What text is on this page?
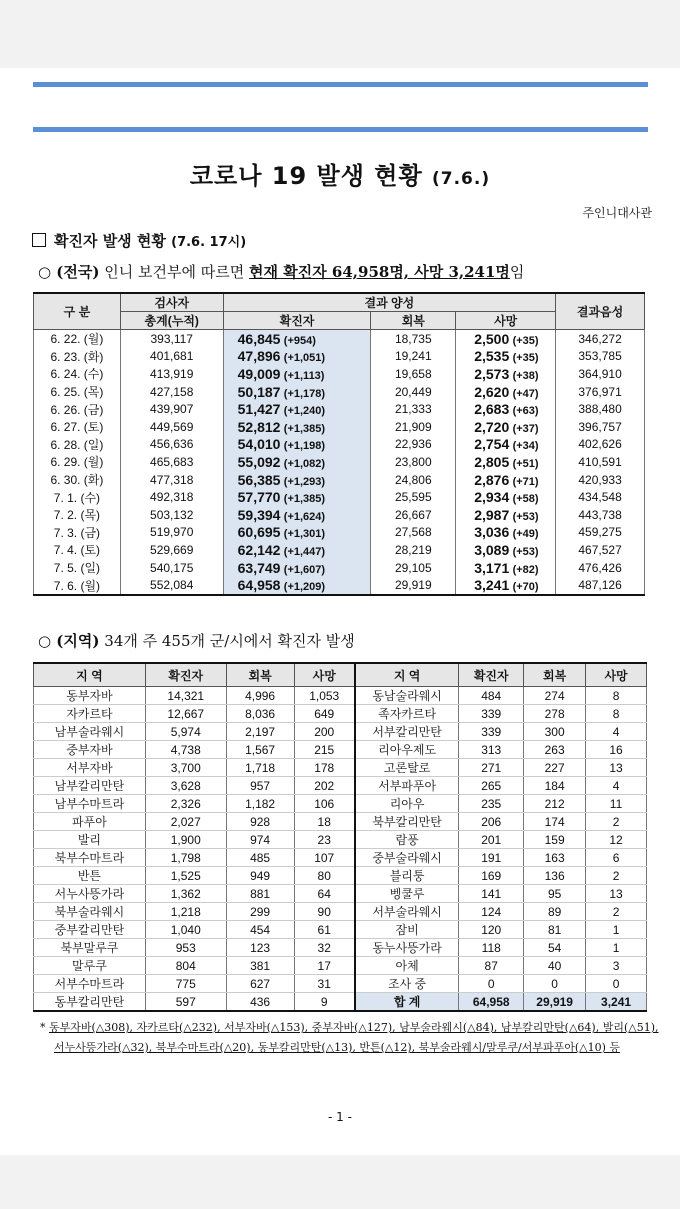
코로나 19 발생 현황 (7.6.)
주인니대사관
확진자 발생 현황 (7.6. 17시)
○ (전국) 인니 보건부에 따르면 현재 확진자 64,958명, 사망 3,241명임
구 분	검사자	결과 양성			결과음성
	총계(누적)	확진자	회복	사망	
6. 22. (월)	393,117	46,845 (+954)	18,735	2,500 (+35)	346,272
6. 23. (화)	401,681	47,896 (+1,051)	19,241	2,535 (+35)	353,785
6. 24. (수)	413,919	49,009 (+1,113)	19,658	2,573 (+38)	364,910
6. 25. (목)	427,158	50,187 (+1,178)	20,449	2,620 (+47)	376,971
6. 26. (금)	439,907	51,427 (+1,240)	21,333	2,683 (+63)	388,480
6. 27. (토)	449,569	52,812 (+1,385)	21,909	2,720 (+37)	396,757
6. 28. (일)	456,636	54,010 (+1,198)	22,936	2,754 (+34)	402,626
6. 29. (월)	465,683	55,092 (+1,082)	23,800	2,805 (+51)	410,591
6. 30. (화)	477,318	56,385 (+1,293)	24,806	2,876 (+71)	420,933
7. 1. (수)	492,318	57,770 (+1,385)	25,595	2,934 (+58)	434,548
7. 2. (목)	503,132	59,394 (+1,624)	26,667	2,987 (+53)	443,738
7. 3. (금)	519,970	60,695 (+1,301)	27,568	3,036 (+49)	459,275
7. 4. (토)	529,669	62,142 (+1,447)	28,219	3,089 (+53)	467,527
7. 5. (일)	540,175	63,749 (+1,607)	29,105	3,171 (+82)	476,426
7. 6. (월)	552,084	64,958 (+1,209)	29,919	3,241 (+70)	487,126
○ (지역) 34개 주 455개 군/시에서 확진자 발생
지 역	확진자	회복	사망	지 역	확진자	회복	사망
동부자바	14,321	4,996	1,053	동남술라웨시	484	274	8
자카르타	12,667	8,036	649	족자카르타	339	278	8
남부술라웨시	5,974	2,197	200	서부칼리만탄	339	300	4
중부자바	4,738	1,567	215	리아우제도	313	263	16
서부자바	3,700	1,718	178	고론탈로	271	227	13
남부칼리만탄	3,628	957	202	서부파푸아	265	184	4
남부수마트라	2,326	1,182	106	리아우	235	212	11
파푸아	2,027	928	18	북부칼리만탄	206	174	2
발리	1,900	974	23	람풍	201	159	12
북부수마트라	1,798	485	107	중부술라웨시	191	163	6
반튼	1,525	949	80	블리퉁	169	136	2
서누사뜽가라	1,362	881	64	벵쿨루	141	95	13
북부술라웨시	1,218	299	90	서부술라웨시	124	89	2
중부칼리만탄	1,040	454	61	잠비	120	81	1
북부말루쿠	953	123	32	동누사뜽가라	118	54	1
말루쿠	804	381	17	아체	87	40	3
서부수마트라	775	627	31	조사 중	0	0	0
동부칼리만탄	597	436	9	합 계	64,958	29,919	3,241
* 동부자바(△308), 자카르타(△232), 서부자바(△153), 중부자바(△127), 남부술라웨시(△84), 남부칼리만탄(△64), 발리(△51),
서누사뜽가라(△32), 북부수마트라(△20), 동부칼리만탄(△13), 반튼(△12), 북부술라웨시/말루쿠/서부파푸아(△10) 등
- 1 -
